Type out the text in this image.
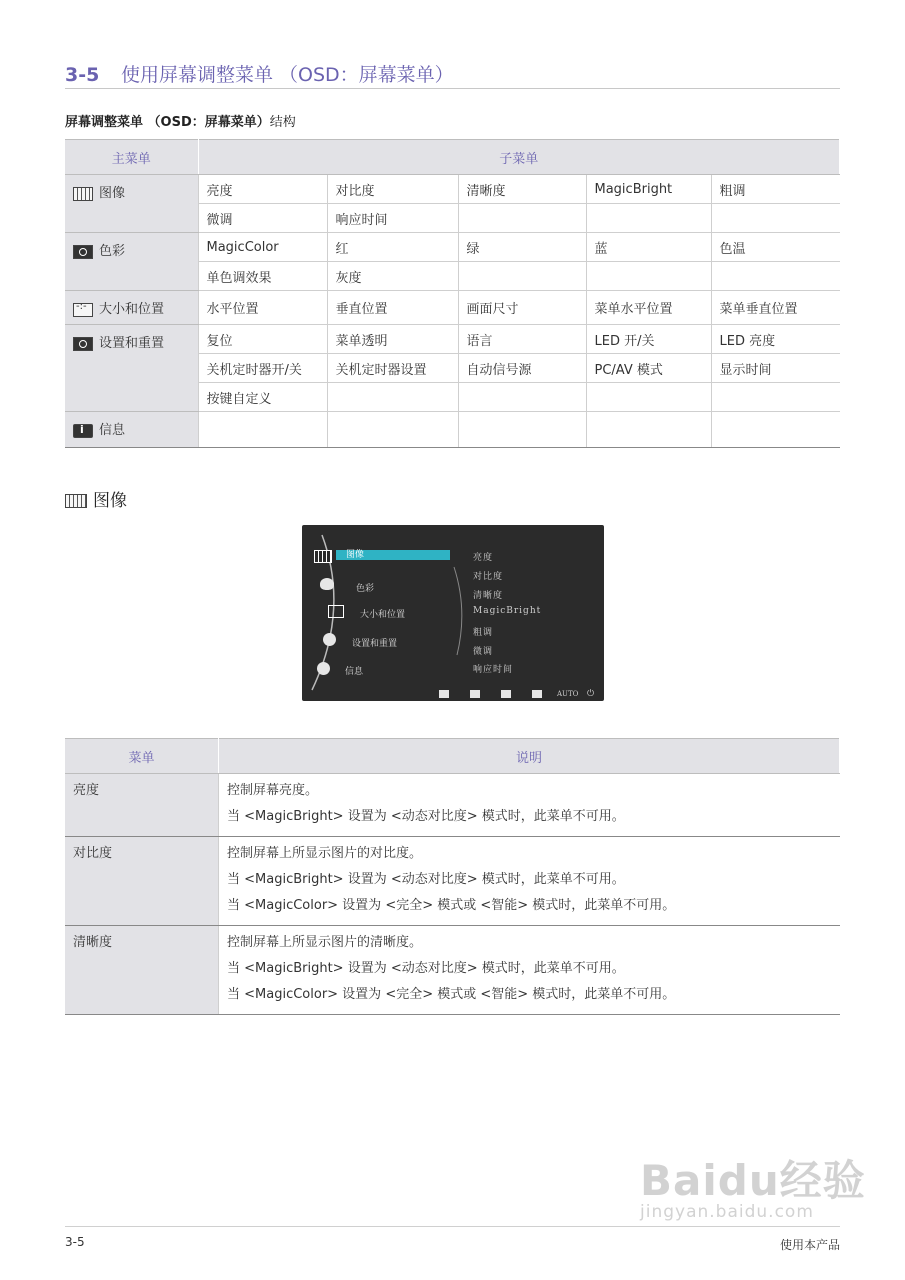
3-5 使用屏幕调整菜单 （OSD：屏幕菜单）
屏幕调整菜单 （OSD：屏幕菜单）结构
主菜单	子菜单				
图像	亮度	对比度	清晰度	MagicBright	粗调
	微调	响应时间			
色彩	MagicColor	红	绿	蓝	色温
	单色调效果	灰度			
-:-大小和位置	水平位置	垂直位置	画面尺寸	菜单水平位置	菜单垂直位置
设置和重置	复位	菜单透明	语言	LED 开/关	LED 亮度
	关机定时器开/关	关机定时器设置	自动信号源	PC/AV 模式	显示时间
	按键自定义				
i信息					
图像
图像
色彩
大小和位置
设置和重置
信息
亮度
对比度
清晰度
MagicBright
粗调
微调
响应时间
AUTO ⏻
菜单	说明
亮度	控制屏幕亮度。
当 <MagicBright> 设置为 <动态对比度> 模式时，此菜单不可用。

对比度	控制屏幕上所显示图片的对比度。
当 <MagicBright> 设置为 <动态对比度> 模式时，此菜单不可用。
当 <MagicColor> 设置为 <完全> 模式或 <智能> 模式时，此菜单不可用。

清晰度	控制屏幕上所显示图片的清晰度。
当 <MagicBright> 设置为 <动态对比度> 模式时，此菜单不可用。
当 <MagicColor> 设置为 <完全> 模式或 <智能> 模式时，此菜单不可用。
Baidu经验
jingyan.baidu.com
3-5	使用本产品
